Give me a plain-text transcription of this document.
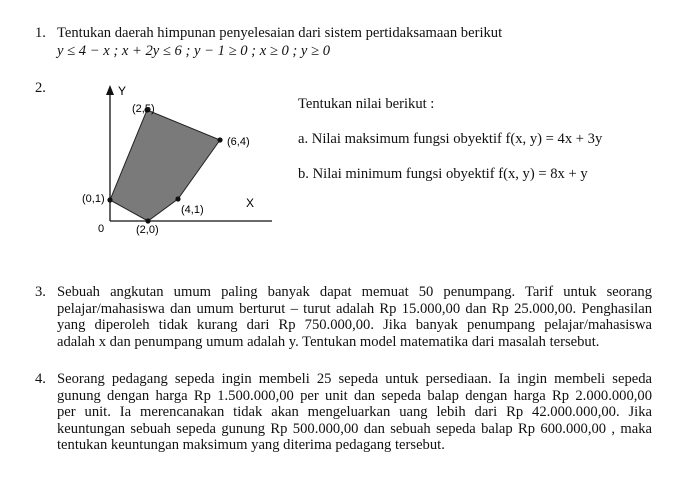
1. Tentukan daerah himpunan penyelesaian dari sistem pertidaksamaan berikut
y ≤ 4 − x ; x + 2y ≤ 6 ; y − 1 ≥ 0 ; x ≥ 0 ; y ≥ 0
2.	Y
X
0
(2,5)
(6,4)
(4,1)
(2,0)
(0,1)
Tentukan nilai berikut :
a. Nilai maksimum fungsi obyektif f(x, y) = 4x + 3y
b. Nilai minimum fungsi obyektif f(x, y) = 8x + y
3. Sebuah angkutan umum paling banyak dapat memuat 50 penumpang. Tarif untuk seorang
pelajar/mahasiswa dan umum berturut – turut adalah Rp 15.000,00 dan Rp 25.000,00. Penghasilan
yang diperoleh tidak kurang dari Rp 750.000,00. Jika banyak penumpang pelajar/mahasiswa
adalah x dan penumpang umum adalah y. Tentukan model matematika dari masalah tersebut.
4. Seorang pedagang sepeda ingin membeli 25 sepeda untuk persediaan. Ia ingin membeli sepeda
gunung dengan harga Rp 1.500.000,00 per unit dan sepeda balap dengan harga Rp 2.000.000,00
per unit. Ia merencanakan tidak akan mengeluarkan uang lebih dari Rp 42.000.000,00. Jika
keuntungan sebuah sepeda gunung Rp 500.000,00 dan sebuah sepeda balap Rp 600.000,00 , maka
tentukan keuntungan maksimum yang diterima pedagang tersebut.
